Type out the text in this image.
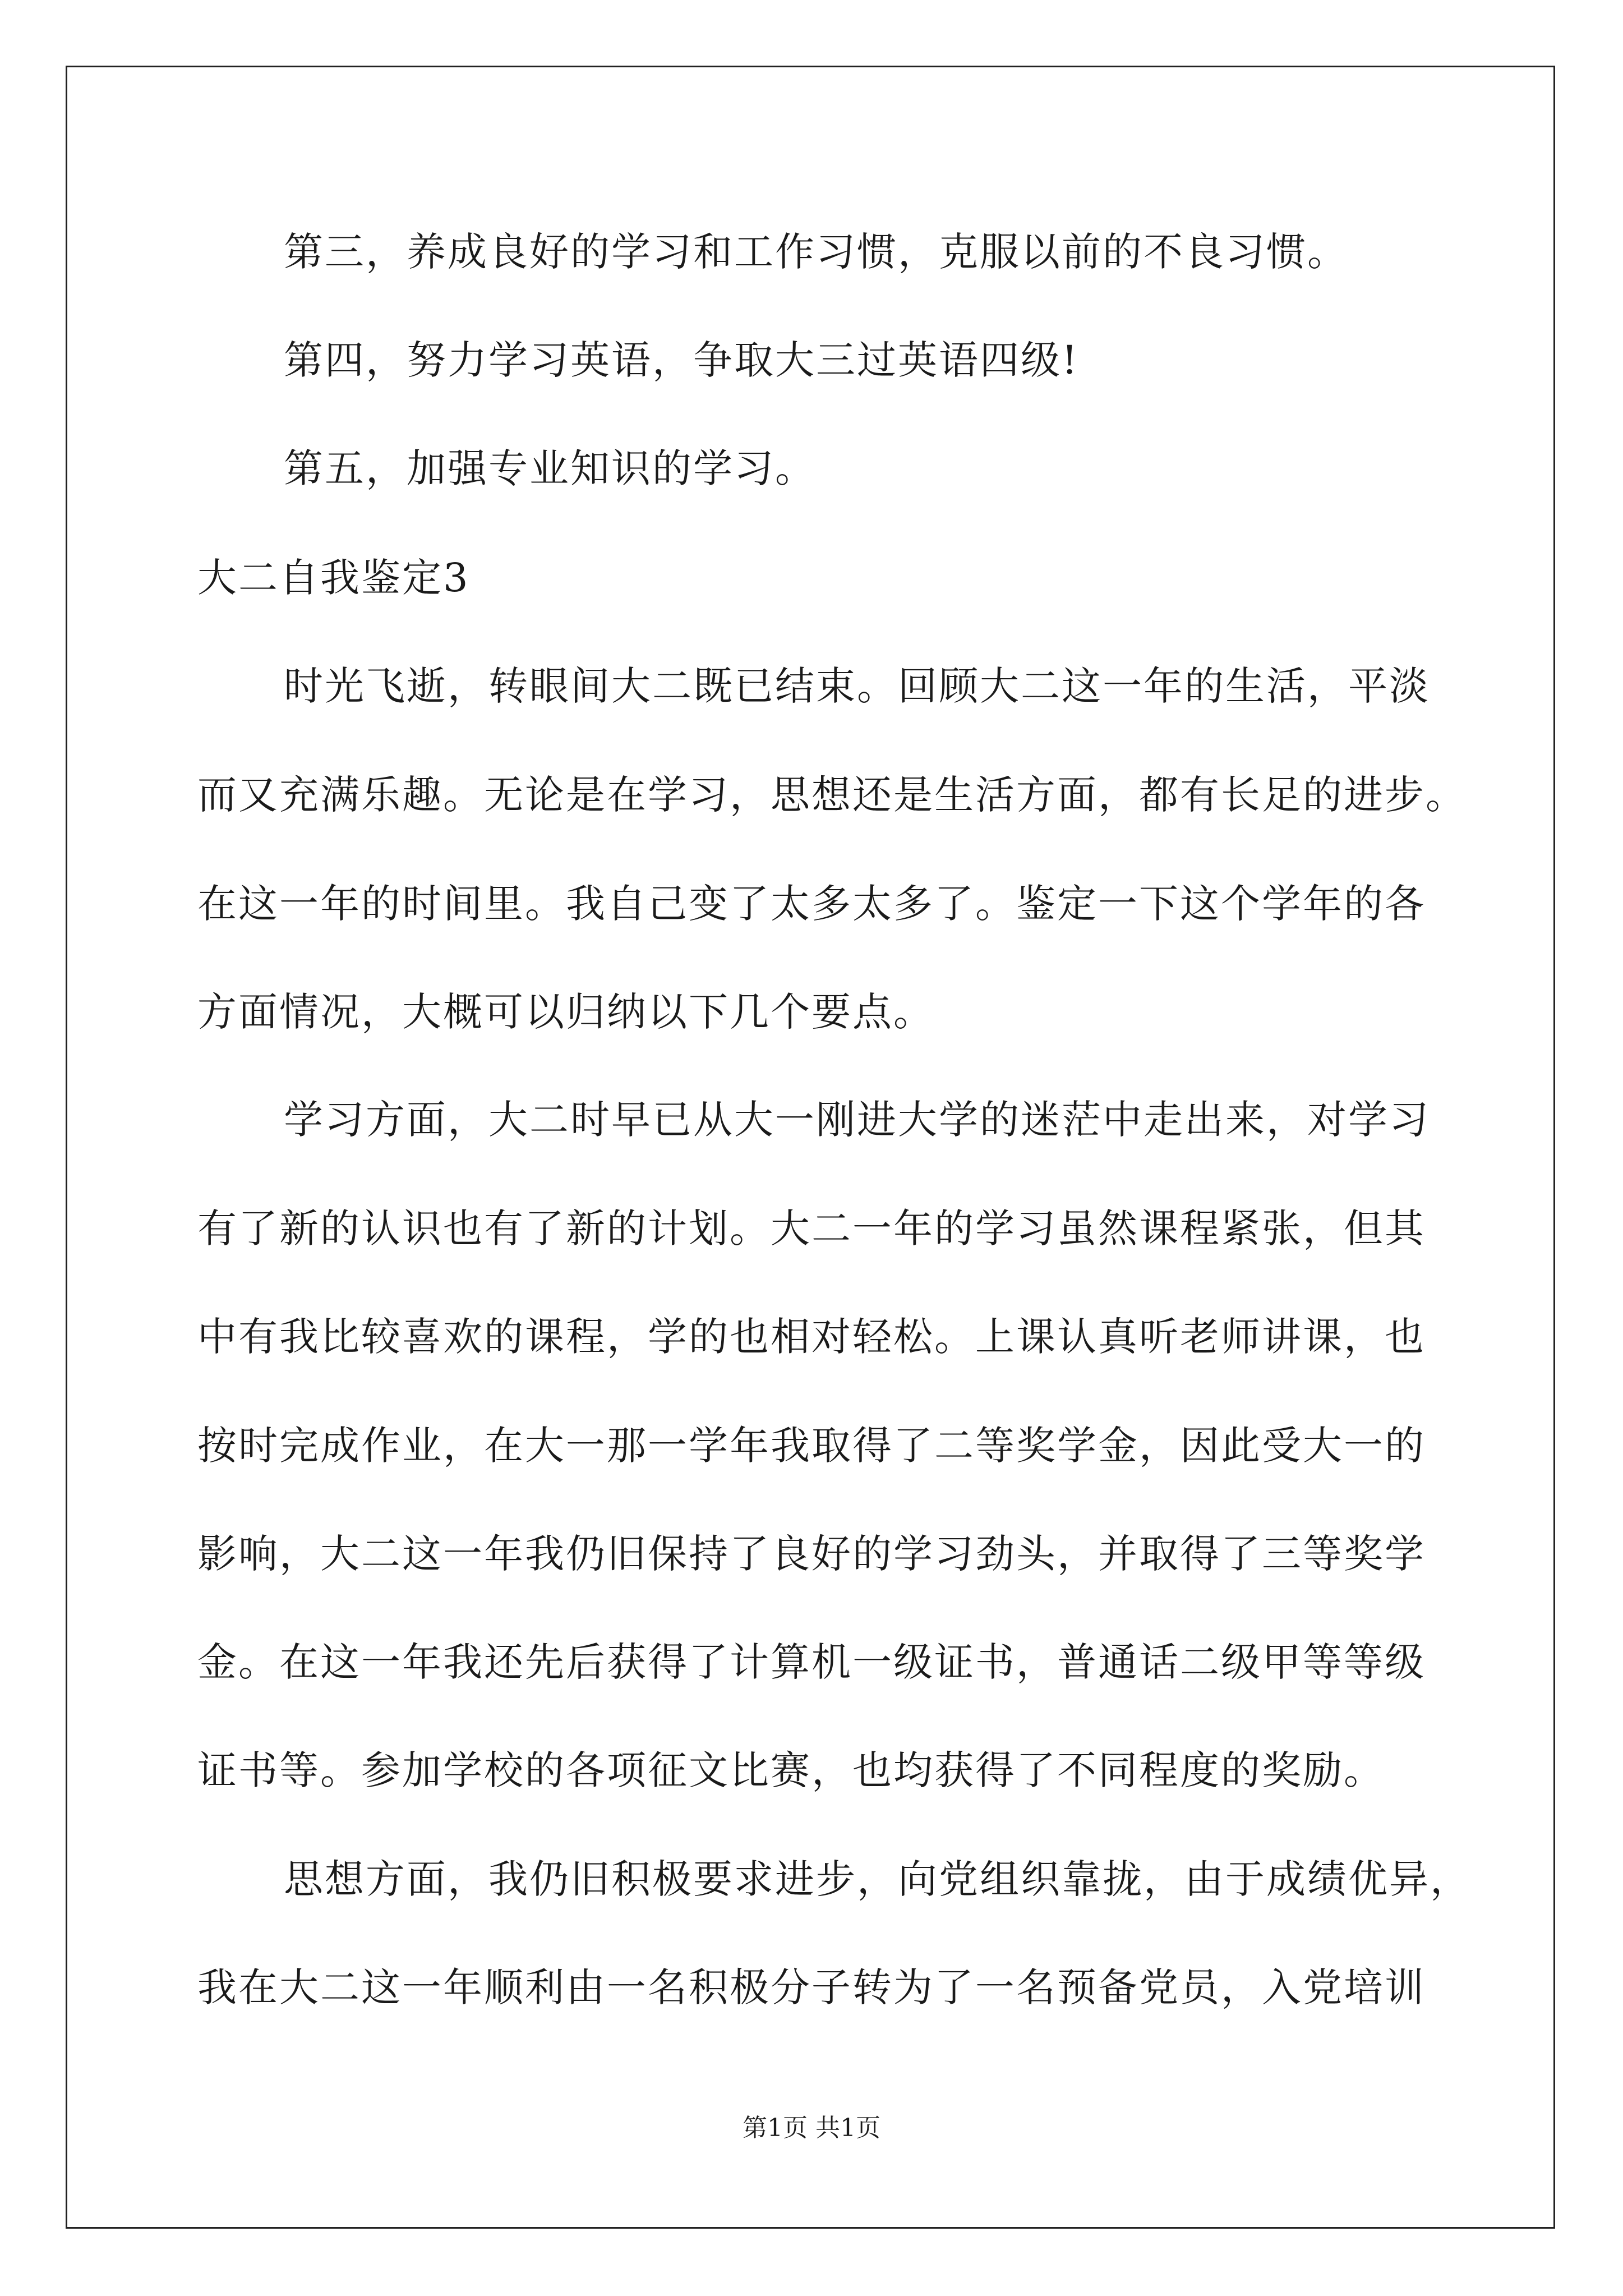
第三，养成良好的学习和工作习惯，克服以前的不良习惯。
第四，努力学习英语，争取大三过英语四级!
第五，加强专业知识的学习。
大二自我鉴定3
时光飞逝，转眼间大二既已结束。回顾大二这一年的生活，平淡
而又充满乐趣。无论是在学习，思想还是生活方面，都有长足的进步。
在这一年的时间里。我自己变了太多太多了。鉴定一下这个学年的各
方面情况，大概可以归纳以下几个要点。
学习方面，大二时早已从大一刚进大学的迷茫中走出来，对学习
有了新的认识也有了新的计划。大二一年的学习虽然课程紧张，但其
中有我比较喜欢的课程，学的也相对轻松。上课认真听老师讲课，也
按时完成作业，在大一那一学年我取得了二等奖学金，因此受大一的
影响，大二这一年我仍旧保持了良好的学习劲头，并取得了三等奖学
金。在这一年我还先后获得了计算机一级证书，普通话二级甲等等级
证书等。参加学校的各项征文比赛，也均获得了不同程度的奖励。
思想方面，我仍旧积极要求进步，向党组织靠拢，由于成绩优异，
我在大二这一年顺利由一名积极分子转为了一名预备党员，入党培训
第1页 共1页
